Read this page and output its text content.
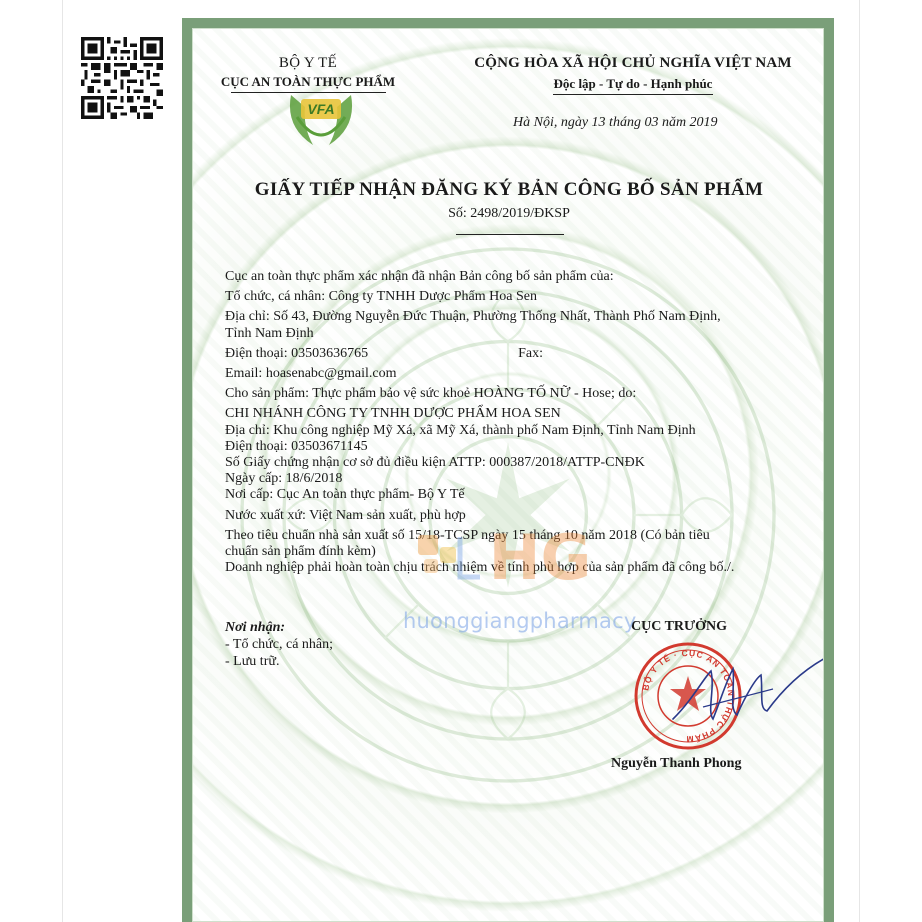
BỘ Y TẾ
CỤC AN TOÀN THỰC PHẨM
VFA
CỘNG HÒA XÃ HỘI CHỦ NGHĨA VIỆT NAM
Độc lập - Tự do - Hạnh phúc
Hà Nội, ngày 13 tháng 03 năm 2019
GIẤY TIẾP NHẬN ĐĂNG KÝ BẢN CÔNG BỐ SẢN PHẨM
Số: 2498/2019/ĐKSP
Cục an toàn thực phẩm xác nhận đã nhận Bản công bố sản phẩm của:
Tổ chức, cá nhân: Công ty TNHH Dược Phẩm Hoa Sen
Địa chỉ: Số 43, Đường Nguyễn Đức Thuận, Phường Thống Nhất, Thành Phố Nam Định,
Tỉnh Nam Định
Điện thoại: 03503636765	Fax:
Email: hoasenabc@gmail.com
Cho sản phẩm: Thực phẩm bảo vệ sức khoẻ HOÀNG TỐ NỮ - Hose; do:
CHI NHÁNH CÔNG TY TNHH DƯỢC PHẨM HOA SEN
Địa chỉ: Khu công nghiệp Mỹ Xá, xã Mỹ Xá, thành phố Nam Định, Tỉnh Nam Định
Điện thoại: 03503671145
Số Giấy chứng nhận cơ sở đủ điều kiện ATTP: 000387/2018/ATTP-CNĐK
Ngày cấp: 18/6/2018
Nơi cấp: Cục An toàn thực phẩm- Bộ Y Tế
Nước xuất xứ: Việt Nam sản xuất, phù hợp
Theo tiêu chuẩn nhà sản xuất số 15/18-TCSP ngày 15 tháng 10 năm 2018 (Có bản tiêu
chuẩn sản phẩm đính kèm)
Doanh nghiệp phải hoàn toàn chịu trách nhiệm về tính phù hợp của sản phẩm đã công bố./.
Nơi nhận:
- Tổ chức, cá nhân;
- Lưu trữ.
CỤC TRƯỞNG
BỘ Y TẾ · CỤC AN TOÀN THỰC PHẨM
Nguyễn Thanh Phong
HG
huonggiangpharmacy
